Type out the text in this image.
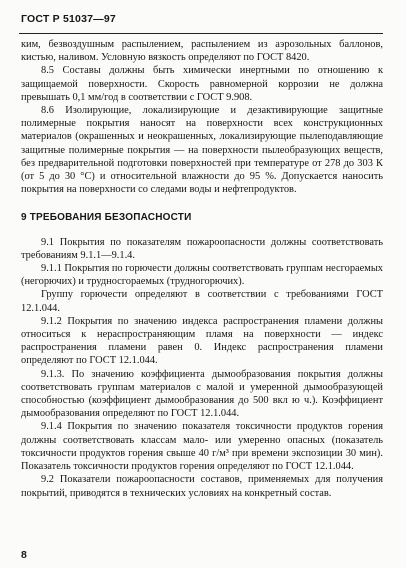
ГОСТ Р 51037—97

ким, безвоздушным распылением, распылением из аэрозольных баллонов, кистью, наливом. Условную вязкость определяют по ГОСТ 8420.

8.5 Составы должны быть химически инертными по отношению к защищаемой поверхности. Скорость равномерной коррозии не должна превышать 0,1 мм/год в соответствии с ГОСТ 9.908.

8.6 Изолирующие, локализирующие и дезактивирующие защитные полимерные покрытия наносят на поверхности всех конструкционных материалов (окрашенных и неокрашенных, локализирующие пылеподавляющие защитные полимерные покрытия — на поверхности пылеобразующих веществ, без предварительной подготовки поверхностей при температуре от 278 до 303 К (от 5 до 30 °С) и относительной влажности до 95 %. Допускается наносить покрытия на поверхности со следами воды и нефтепродуктов.

9 ТРЕБОВАНИЯ БЕЗОПАСНОСТИ

9.1 Покрытия по показателям пожароопасности должны соответствовать требованиям 9.1.1—9.1.4.

9.1.1 Покрытия по горючести должны соответствовать группам несгораемых (негорючих) и трудносгораемых (трудногорючих).

Группу горючести определяют в соответствии с требованиями ГОСТ 12.1.044.

9.1.2 Покрытия по значению индекса распространения пламени должны относиться к нераспространяющим пламя на поверхности — индекс распространения пламени равен 0. Индекс распространения пламени определяют по ГОСТ 12.1.044.

9.1.3. По значению коэффициента дымообразования покрытия должны соответствовать группам материалов с малой и умеренной дымообразующей способностью (коэффициент дымообразования до 500 вкл ю ч.). Коэффициент дымообразования определяют по ГОСТ 12.1.044.

9.1.4 Покрытия по значению показателя токсичности продуктов горения должны соответствовать классам мало- или умеренно опасных (показатель токсичности продуктов горения свыше 40 г/м³ при времени экспозиции 30 мин). Показатель токсичности продуктов горения определяют по ГОСТ 12.1.044.

9.2 Показатели пожароопасности составов, применяемых для получения покрытий, приводятся в технических условиях на конкретный состав.

8
